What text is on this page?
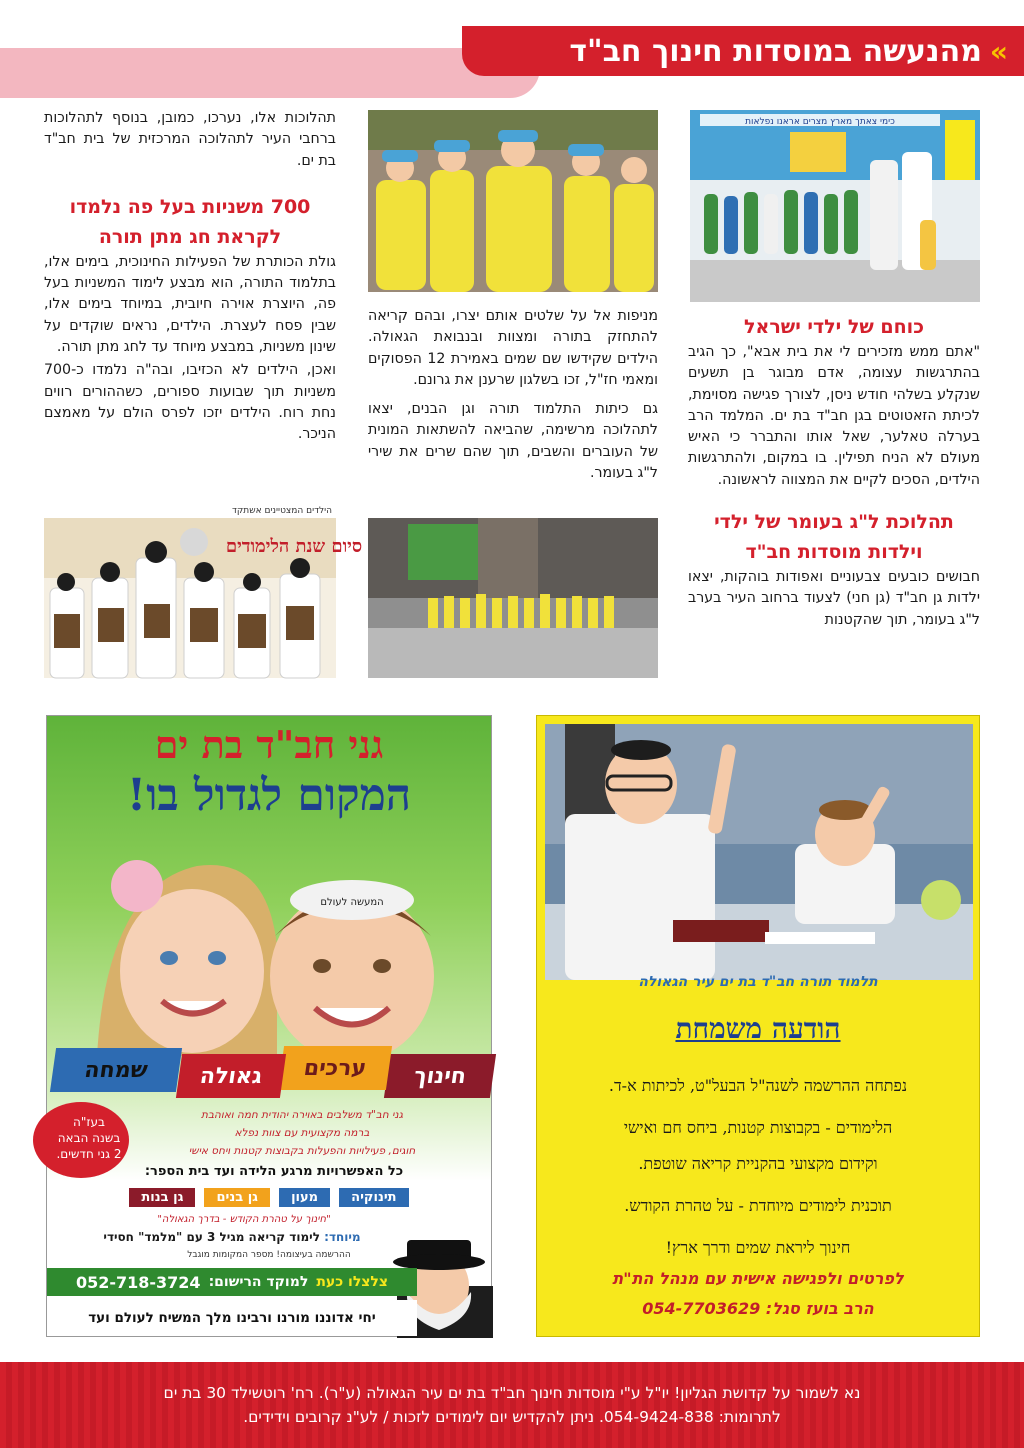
»
מהנעשה במוסדות חינוך חב"ד
כימי צאתך מארץ מצרים אראנו נפלאות
כוחם של ילדי ישראל

"אתם ממש מזכירים לי את בית אבא", כך הגיב בהתרגשות עצומה, אדם מבוגר בן תשעים שנקלע בשלהי חודש ניסן, לצורך פגישה מסוימת, לכיתת הזאטוטים בגן חב"ד בת ים. המלמד הרב בערלה טאלער, שאל אותו והתברר כי האיש מעולם לא הניח תפילין. בו במקום, ולהתרגשות הילדים, הסכים לקיים את המצווה לראשונה.

תהלוכת ל"ג בעומר של ילדי
וילדות מוסדות חב"ד

חבושים כובעים צבעוניים ואפודות בוהקות, יצאו ילדות גן חב"ד (גן חני) לצעוד ברחוב העיר בערב ל"ג בעומר, תוך שהקטנות

מניפות אל על שלטים אותם יצרו, ובהם קריאה להתחזק בתורה ומצוות ובנבואת הגאולה. הילדים שקידשו שם שמים באמירת 12 הפסוקים ומאמי חז"ל, זכו בשלגון שרענן את גרונם.

גם כיתות התלמוד תורה וגן הבנים, יצאו לתהלוכה מרשימה, שהביאה להשתאות המונית של העוברים והשבים, תוך שהם שרים את שירי ל"ג בעומר.

תהלוכות אלו, נערכו, כמובן, בנוסף לתהלוכות ברחבי העיר לתהלוכה המרכזית של בית חב"ד בת ים.

700 משניות בעל פה נלמדו
לקראת חג מתן תורה

גולת הכותרת של הפעילות החינוכית, בימים אלו, בתלמוד התורה, הוא מבצע לימוד המשניות בעל פה, היוצרת אוירה חיובית, במיוחד בימים אלו, שבין פסח לעצרת. הילדים, נראים שוקדים על שינון משניות, במבצע מיוחד עד לחג מתן תורה.

ואכן, הילדים לא הכזיבו, ובה"ה נלמדו כ-700 משניות תוך שבועות ספורים, כשההורים רווים נחת רוח. הילדים יזכו לפרס הולם על מאמצם הניכר.

הילדים המצטיינים אשתקד
סיום שנת הלימודים
גני חב"ד בת ים
המקום לגדול בו!
המעשה לעולם
חינוך
ערכים
גאולה
שמחה
בעז"ה
בשנה הבאה
2 גני חדשים.
גני חב"ד משלבים באוירה יהודית חמה ואוהבת
ברמה מקצועית עם צוות נפלא
חוגים, פעילויות והפעלות בקבוצות קטנות ויחס אישי
כל האפשרויות מרגע הלידה ועד בית הספר:
תינוקיה מעון גן בנים גן בנות
"חינוך על טהרת הקודש - בדרך הגאולה"
מיוחד: לימוד קריאה מגיל 3 עם "מלמד" חסידי
ההרשמה בעיצומה! מספר המקומות מוגבל
צלצלו כעת
למוקד הרישום:
052-718-3724
יחי אדוננו מורנו ורבינו מלך המשיח לעולם ועד
תלמוד תורה חב"ד בת ים עיר הגאולה
הודעה משמחת
נפתחה ההרשמה לשנה"ל הבעל"ט, לכיתות א-ד.
הלימודים - בקבוצות קטנות, ביחס חם ואישי
וקידום מקצועי בהקניית קריאה שוטפת.
תוכנית לימודים מיוחדת - על טהרת הקודש.
חינוך ליראת שמים ודרך ארץ!
לפרטים ולפגישה אישית עם מנהל הת"ת
הרב בועז סגל: 054-7703629
נא לשמור על קדושת הגליון! יו"ל ע"י מוסדות חינוך חב"ד בת ים עיר הגאולה (ע"ר). רח' רוטשילד 30 בת ים
לתרומות: 054-9424-838. ניתן להקדיש יום לימודים לזכות / לע"נ קרובים וידידים.
